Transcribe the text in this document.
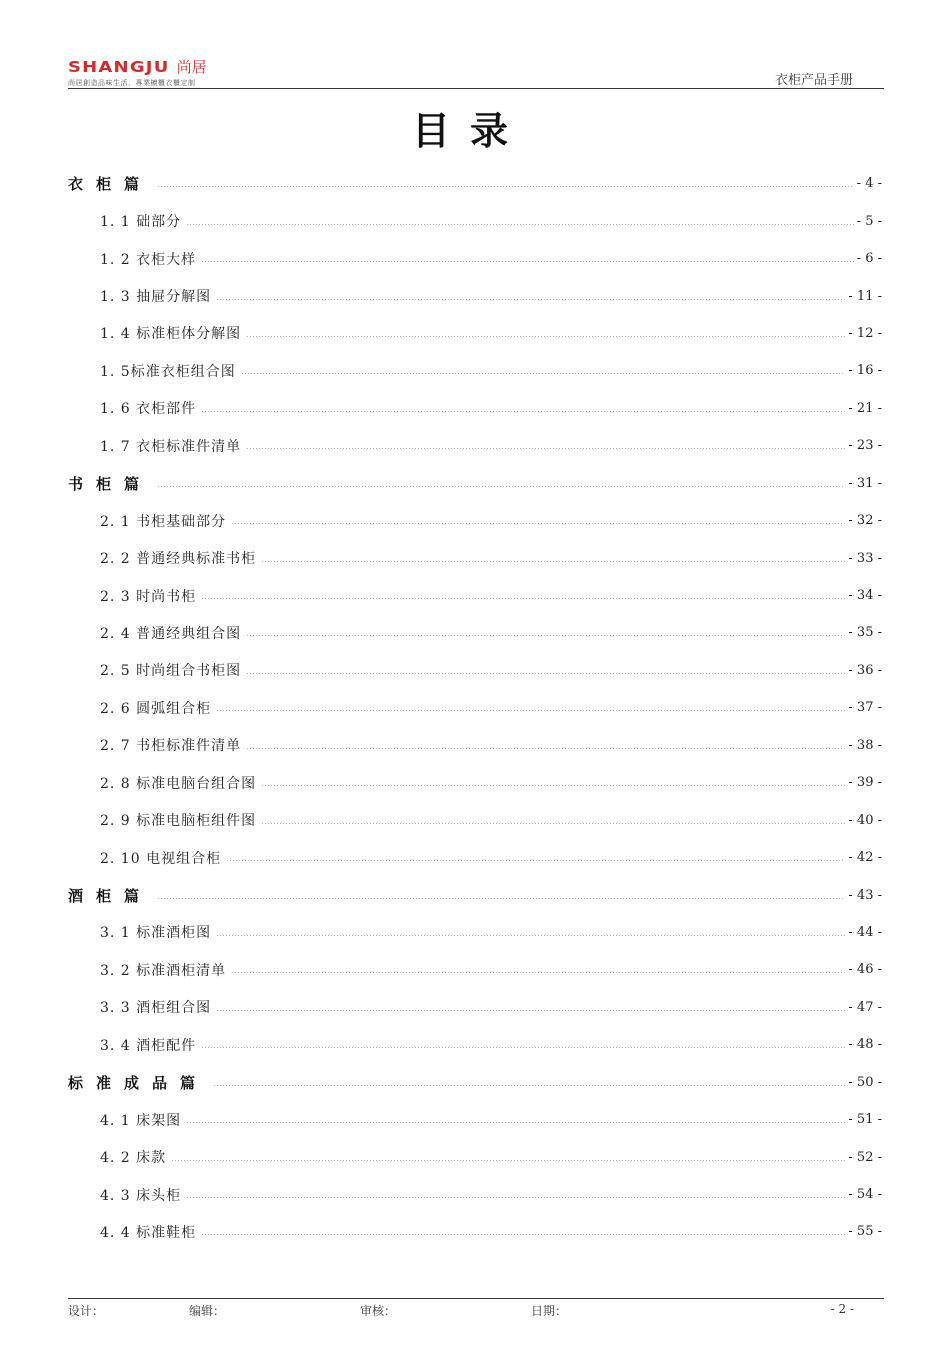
SHANGJU 尚居
尚居創造品味生活，專業櫥櫃衣櫃定制	衣柜产品手册
目录
衣柜篇	- 4 -
1. 1 础部分	- 5 -
1. 2 衣柜大样	- 6 -
1. 3 抽屉分解图	- 11 -
1. 4 标准柜体分解图	- 12 -
1. 5标准衣柜组合图	- 16 -
1. 6 衣柜部件	- 21 -
1. 7 衣柜标准件清单	- 23 -
书柜篇	- 31 -
2. 1 书柜基础部分	- 32 -
2. 2 普通经典标准书柜	- 33 -
2. 3 时尚书柜	- 34 -
2. 4 普通经典组合图	- 35 -
2. 5 时尚组合书柜图	- 36 -
2. 6 圆弧组合柜	- 37 -
2. 7 书柜标准件清单	- 38 -
2. 8 标准电脑台组合图	- 39 -
2. 9 标准电脑柜组件图	- 40 -
2. 10 电视组合柜	- 42 -
酒柜篇	- 43 -
3. 1 标准酒柜图	- 44 -
3. 2 标准酒柜清单	- 46 -
3. 3 酒柜组合图	- 47 -
3. 4 酒柜配件	- 48 -
标准成品篇	- 50 -
4. 1 床架图	- 51 -
4. 2 床款	- 52 -
4. 3 床头柜	- 54 -
4. 4 标准鞋柜	- 55 -
设计：	编辑：	审核：	日期：	- 2 -
